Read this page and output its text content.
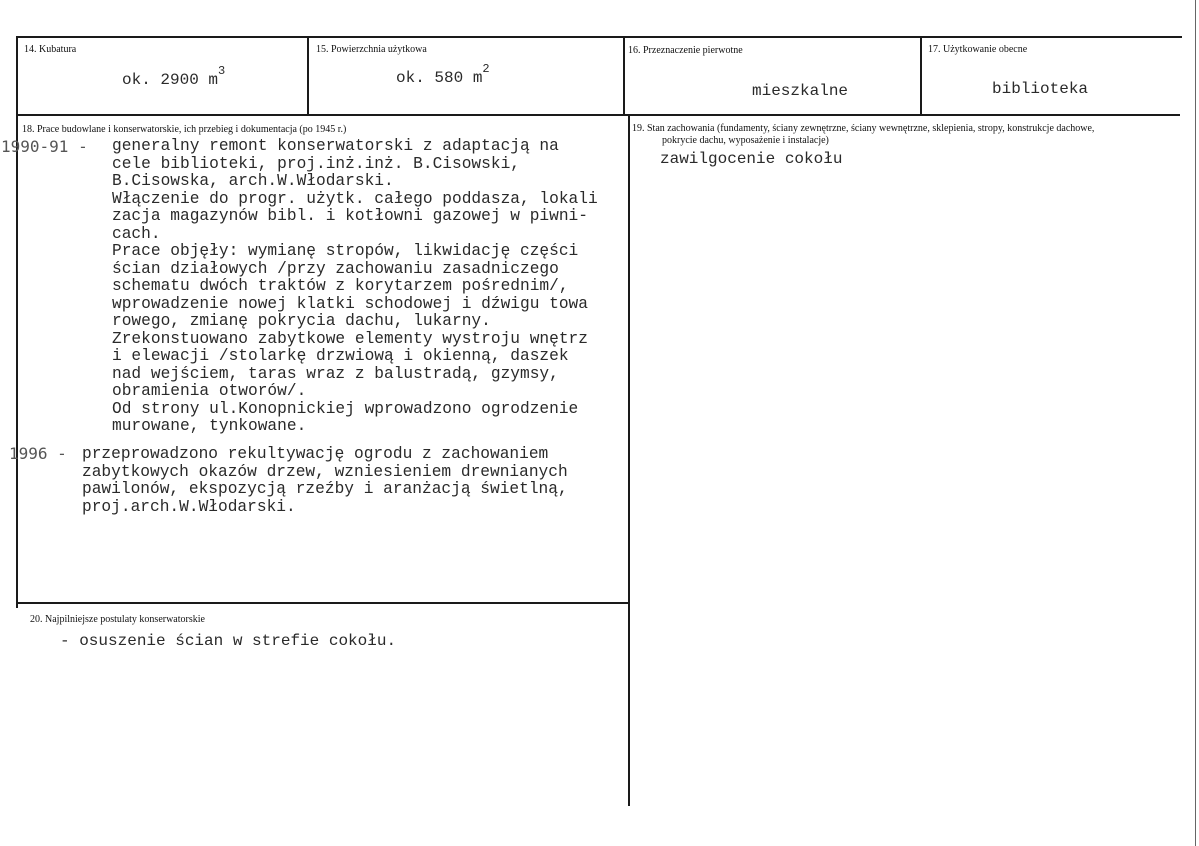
14. Kubatura
ok. 2900 $m^3$
15. Powierzchnia użytkowa
ok. 580 $m^2$
16. Przeznaczenie pierwotne
mieszkalne
17. Użytkowanie obecne
biblioteka
18. Prace budowlane i konserwatorskie, ich przebieg i dokumentacja (po 1945 r.)
1990-91 - generalny remont konserwatorski z adaptacją na
cele biblioteki, proj.inż.inż. B.Cisowski,
B.Cisowska, arch.W.Włodarski.
Włączenie do progr. użytk. całego poddasza, lokali
zacja magazynów bibl. i kotłowni gazowej w piwni-
cach.
Prace objęły: wymianę stropów, likwidację części
ścian działowych /przy zachowaniu zasadniczego
schematu dwóch traktów z korytarzem pośrednim/,
wprowadzenie nowej klatki schodowej i dźwigu towa
rowego, zmianę pokrycia dachu, lukarny.
Zrekonstuowano zabytkowe elementy wystroju wnętrz
i elewacji /stolarkę drzwiową i okienną, daszek
nad wejściem, taras wraz z balustradą, gzymsy,
obramienia otworów/.
Od strony ul.Konopnickiej wprowadzono ogrodzenie
murowane, tynkowane.
1996 - przeprowadzono rekultywację ogrodu z zachowaniem
zabytkowych okazów drzew, wzniesieniem drewnianych
pawilonów, ekspozycją rzeźby i aranżacją świetlną,
proj.arch.W.Włodarski.
19. Stan zachowania (fundamenty, ściany zewnętrzne, ściany wewnętrzne, sklepienia, stropy, konstrukcje dachowe,
pokrycie dachu, wyposażenie i instalacje)
zawilgocenie cokołu
20. Najpilniejsze postulaty konserwatorskie
- osuszenie ścian w strefie cokołu.
